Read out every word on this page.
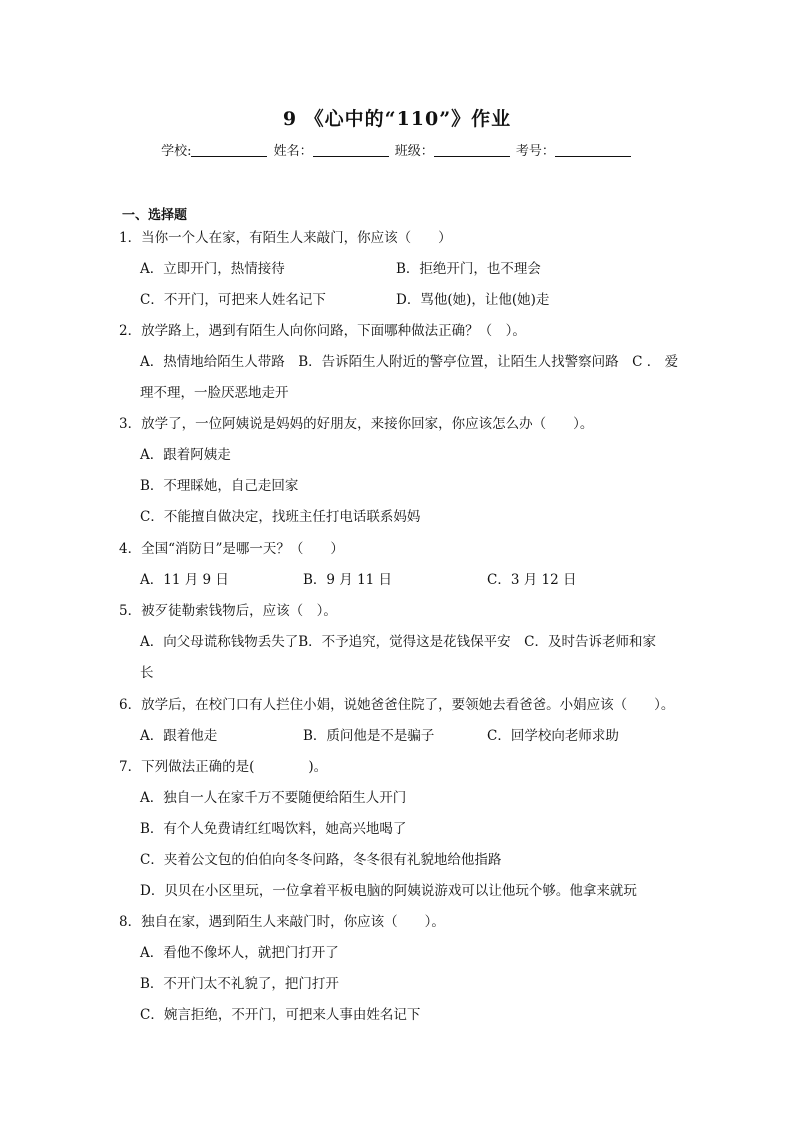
9 《心中的“110”》作业
学校:	姓名：	班级：	考号：
一、选择题
1．当你一个人在家，有陌生人来敲门，你应该（　　）
A．立即开门，热情接待	B．拒绝开门，也不理会
C．不开门，可把来人姓名记下	D．骂他(她)，让他(她)走
2．放学路上，遇到有陌生人向你问路，下面哪种做法正确？（　）。
A．热情地给陌生人带路　B．告诉陌生人附近的警亭位置，让陌生人找警察问路　C ． 爱
理不理，一脸厌恶地走开
3．放学了，一位阿姨说是妈妈的好朋友，来接你回家，你应该怎么办（　　）。
A．跟着阿姨走
B．不理睬她，自己走回家
C．不能擅自做决定，找班主任打电话联系妈妈
4．全国“消防日”是哪一天？（　　）
A．11 月 9 日	B．9 月 11 日	C．3 月 12 日
5．被歹徒勒索钱物后，应该（　）。
A．向父母谎称钱物丢失了B．不予追究，觉得这是花钱保平安　C．及时告诉老师和家
长
6．放学后，在校门口有人拦住小娟，说她爸爸住院了，要领她去看爸爸。小娟应该（　　）。
A．跟着他走	B．质问他是不是骗子	C．回学校向老师求助
7．下列做法正确的是(　　　　)。
A．独自一人在家千万不要随便给陌生人开门
B．有个人免费请红红喝饮料，她高兴地喝了
C．夹着公文包的伯伯向冬冬问路，冬冬很有礼貌地给他指路
D．贝贝在小区里玩，一位拿着平板电脑的阿姨说游戏可以让他玩个够。他拿来就玩
8．独自在家，遇到陌生人来敲门时，你应该（　　）。
A．看他不像坏人，就把门打开了
B．不开门太不礼貌了，把门打开
C．婉言拒绝，不开门，可把来人事由姓名记下
